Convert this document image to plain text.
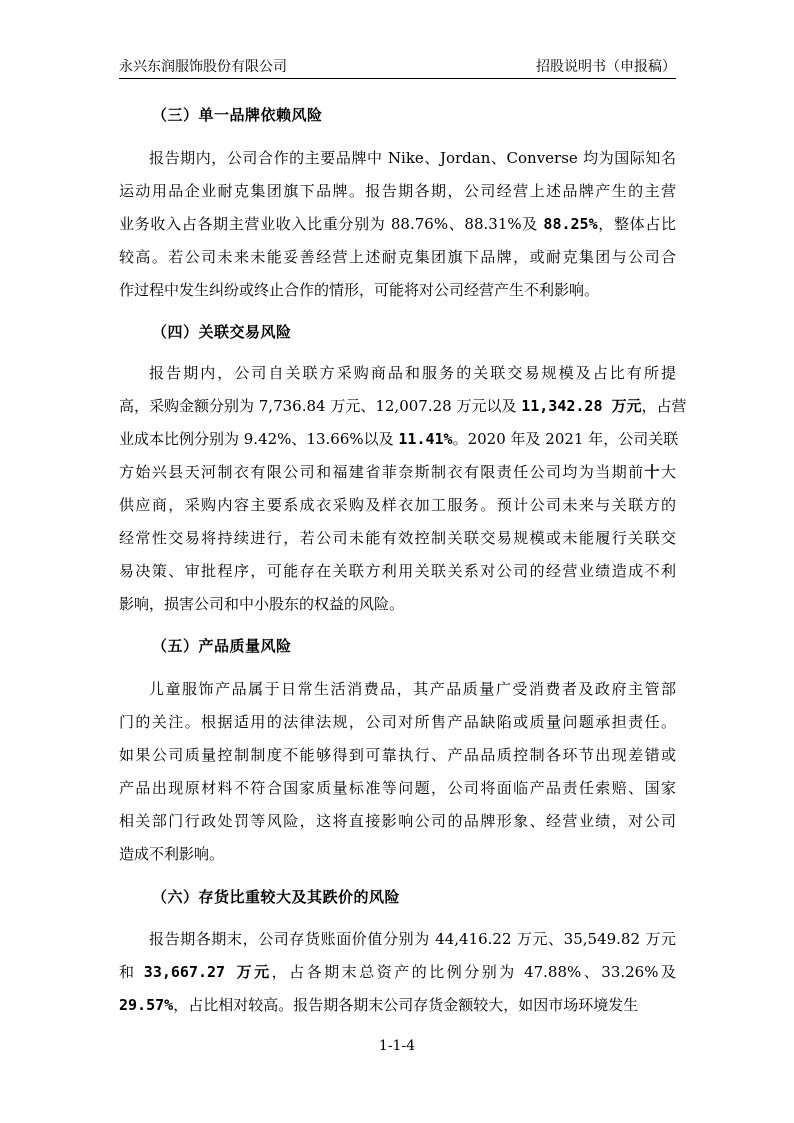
永兴东润服饰股份有限公司	招股说明书（申报稿）
（三）单一品牌依赖风险
报告期内，公司合作的主要品牌中 Nike、Jordan、Converse 均为国际知名
运动用品企业耐克集团旗下品牌。报告期各期，公司经营上述品牌产生的主营
业务收入占各期主营业收入比重分别为 88.76%、88.31%及 88.25%，整体占比
较高。若公司未来未能妥善经营上述耐克集团旗下品牌，或耐克集团与公司合
作过程中发生纠纷或终止合作的情形，可能将对公司经营产生不利影响。
（四）关联交易风险
报告期内，公司自关联方采购商品和服务的关联交易规模及占比有所提
高，采购金额分别为 7,736.84 万元、12,007.28 万元以及 11,342.28 万元，占营
业成本比例分别为 9.42%、13.66%以及 11.41%。2020 年及 2021 年，公司关联
方始兴县天河制衣有限公司和福建省菲奈斯制衣有限责任公司均为当期前十大
供应商，采购内容主要系成衣采购及样衣加工服务。预计公司未来与关联方的
经常性交易将持续进行，若公司未能有效控制关联交易规模或未能履行关联交
易决策、审批程序，可能存在关联方利用关联关系对公司的经营业绩造成不利
影响，损害公司和中小股东的权益的风险。
（五）产品质量风险
儿童服饰产品属于日常生活消费品，其产品质量广受消费者及政府主管部
门的关注。根据适用的法律法规，公司对所售产品缺陷或质量问题承担责任。
如果公司质量控制制度不能够得到可靠执行、产品品质控制各环节出现差错或
产品出现原材料不符合国家质量标准等问题，公司将面临产品责任索赔、国家
相关部门行政处罚等风险，这将直接影响公司的品牌形象、经营业绩，对公司
造成不利影响。
（六）存货比重较大及其跌价的风险
报告期各期末，公司存货账面价值分别为 44,416.22 万元、35,549.82 万元
和 33,667.27 万元，占各期末总资产的比例分别为 47.88%、33.26%及
29.57%，占比相对较高。报告期各期末公司存货金额较大，如因市场环境发生
1-1-4
